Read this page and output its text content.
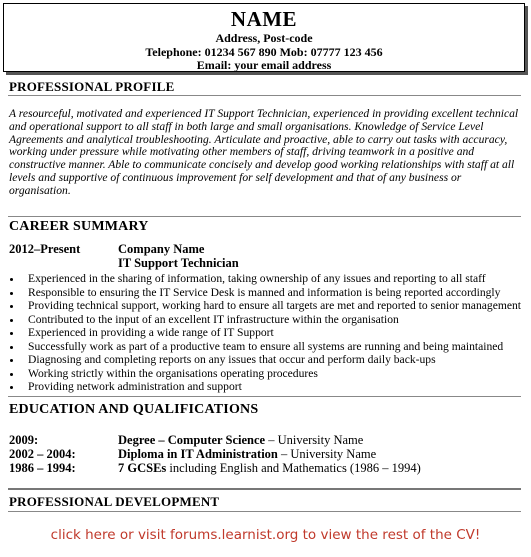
NAME
Address, Post-code
Telephone: 01234 567 890 Mob: 07777 123 456
Email: your email address
PROFESSIONAL PROFILE
A resourceful, motivated and experienced IT Support Technician, experienced in providing excellent technical and operational support to all staff in both large and small organisations. Knowledge of Service Level Agreements and analytical troubleshooting. Articulate and proactive, able to carry out tasks with accuracy, working under pressure while motivating other members of staff, driving teamwork in a positive and constructive manner. Able to communicate concisely and develop good working relationships with staff at all levels and supportive of continuous improvement for self development and that of any business or organisation.
CAREER SUMMARY
2012–Present	Company Name
IT Support Technician
Experienced in the sharing of information, taking ownership of any issues and reporting to all staff
Responsible to ensuring the IT Service Desk is manned and information is being reported accordingly
Providing technical support, working hard to ensure all targets are met and reported to senior management
Contributed to the input of an excellent IT infrastructure within the organisation
Experienced in providing a wide range of IT Support
Successfully work as part of a productive team to ensure all systems are running and being maintained
Diagnosing and completing reports on any issues that occur and perform daily back-ups
Working strictly within the organisations operating procedures
Providing network administration and support
EDUCATION AND QUALIFICATIONS
2009:	Degree – Computer Science – University Name
2002 – 2004:	Diploma in IT Administration – University Name
1986 – 1994:	7 GCSEs including English and Mathematics (1986 – 1994)
PROFESSIONAL DEVELOPMENT
click here or visit forums.learnist.org to view the rest of the CV!
